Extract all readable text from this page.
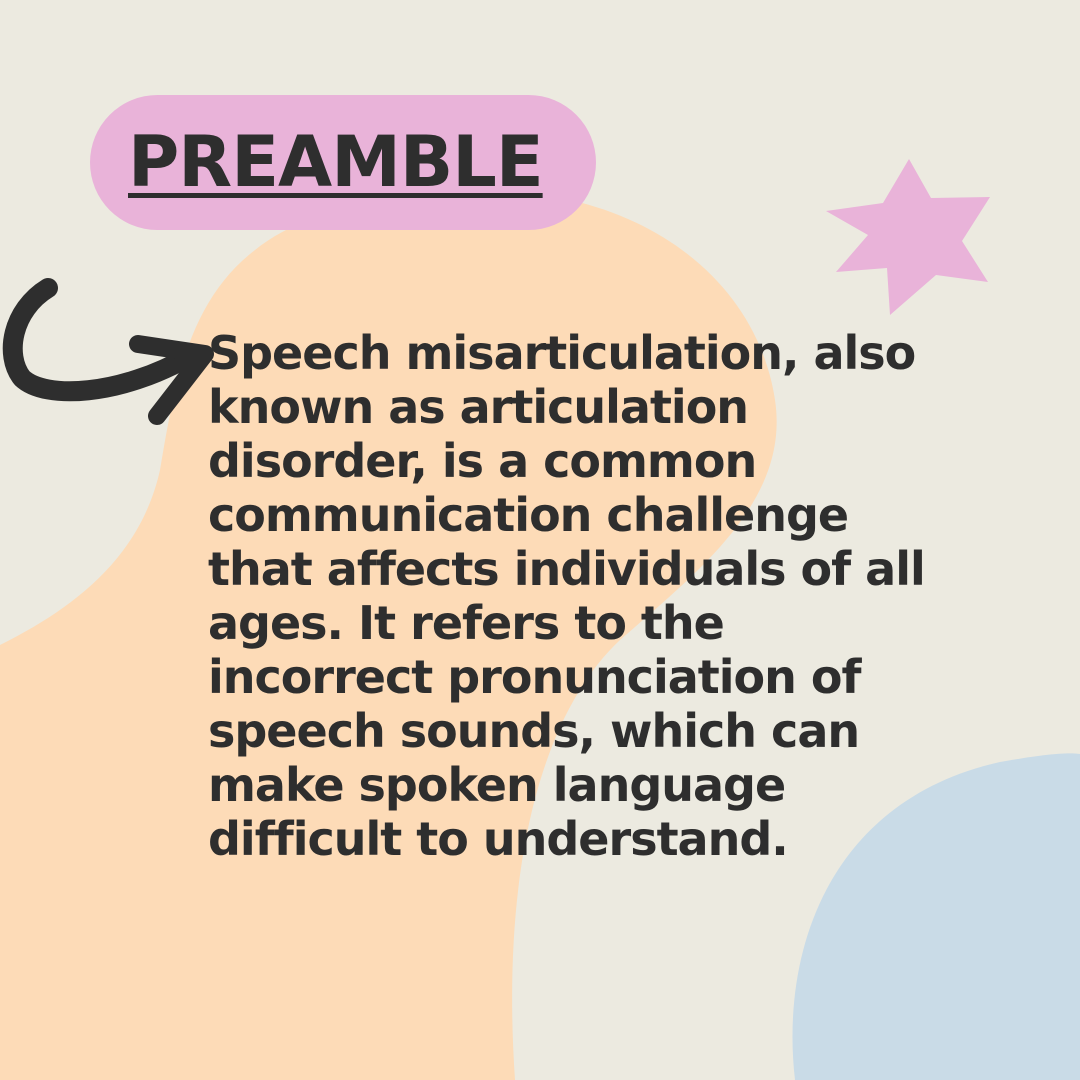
PREAMBLE

Speech misarticulation, also known as articulation disorder, is a common communication challenge that affects individuals of all ages. It refers to the incorrect pronunciation of speech sounds, which can make spoken language difficult to understand.
